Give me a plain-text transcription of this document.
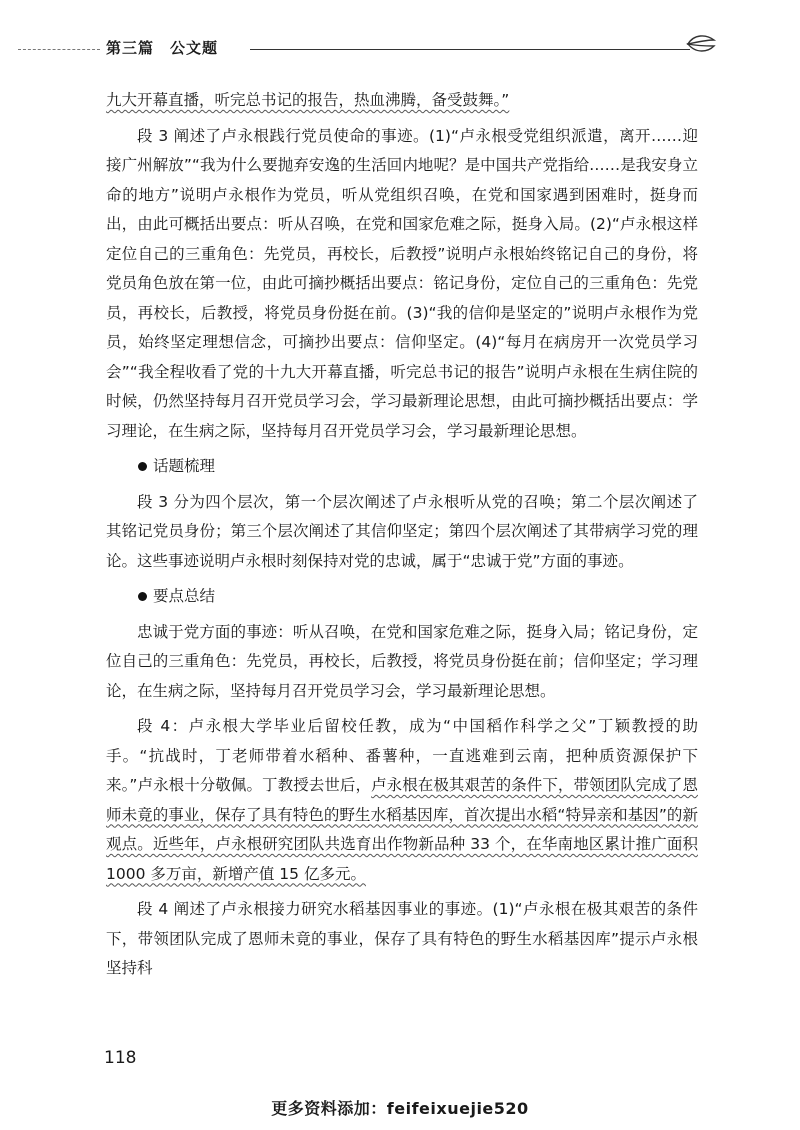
第三篇　公文题

九大开幕直播，听完总书记的报告，热血沸腾，备受鼓舞。”

段 3 阐述了卢永根践行党员使命的事迹。(1)“卢永根受党组织派遣，离开……迎接广州解放”“我为什么要抛弃安逸的生活回内地呢？是中国共产党指给……是我安身立命的地方”说明卢永根作为党员，听从党组织召唤，在党和国家遇到困难时，挺身而出，由此可概括出要点：听从召唤，在党和国家危难之际，挺身入局。(2)“卢永根这样定位自己的三重角色：先党员，再校长，后教授”说明卢永根始终铭记自己的身份，将党员角色放在第一位，由此可摘抄概括出要点：铭记身份，定位自己的三重角色：先党员，再校长，后教授，将党员身份挺在前。(3)“我的信仰是坚定的”说明卢永根作为党员，始终坚定理想信念，可摘抄出要点：信仰坚定。(4)“每月在病房开一次党员学习会”“我全程收看了党的十九大开幕直播，听完总书记的报告”说明卢永根在生病住院的时候，仍然坚持每月召开党员学习会，学习最新理论思想，由此可摘抄概括出要点：学习理论，在生病之际，坚持每月召开党员学习会，学习最新理论思想。

话题梳理

段 3 分为四个层次，第一个层次阐述了卢永根听从党的召唤；第二个层次阐述了其铭记党员身份；第三个层次阐述了其信仰坚定；第四个层次阐述了其带病学习党的理论。这些事迹说明卢永根时刻保持对党的忠诚，属于“忠诚于党”方面的事迹。

要点总结

忠诚于党方面的事迹：听从召唤，在党和国家危难之际，挺身入局；铭记身份，定位自己的三重角色：先党员，再校长，后教授，将党员身份挺在前；信仰坚定；学习理论，在生病之际，坚持每月召开党员学习会，学习最新理论思想。

段 4：卢永根大学毕业后留校任教，成为“中国稻作科学之父”丁颖教授的助手。“抗战时，丁老师带着水稻种、番薯种，一直逃难到云南，把种质资源保护下来。”卢永根十分敬佩。丁教授去世后，卢永根在极其艰苦的条件下，带领团队完成了恩师未竟的事业，保存了具有特色的野生水稻基因库，首次提出水稻“特异亲和基因”的新观点。近些年，卢永根研究团队共选育出作物新品种 33 个，在华南地区累计推广面积 1000 多万亩，新增产值 15 亿多元。

段 4 阐述了卢永根接力研究水稻基因事业的事迹。(1)“卢永根在极其艰苦的条件下，带领团队完成了恩师未竟的事业，保存了具有特色的野生水稻基因库”提示卢永根坚持科

118
更多资料添加：feifeixuejie520
